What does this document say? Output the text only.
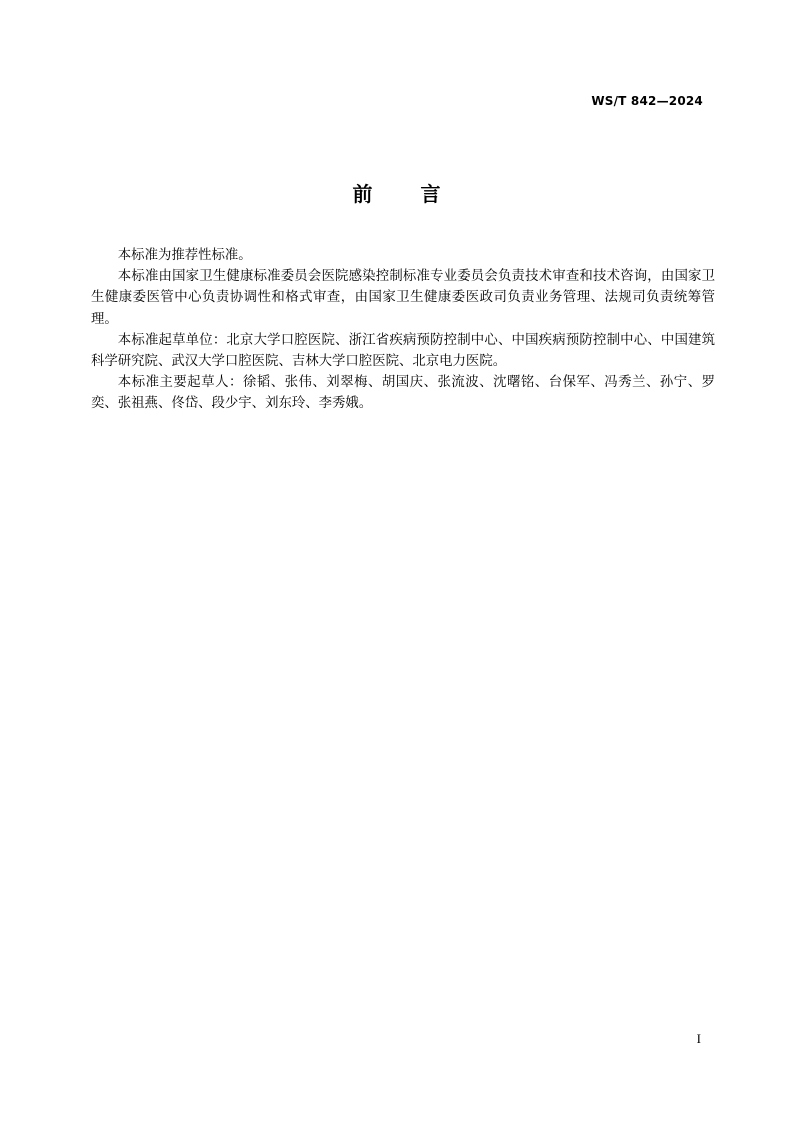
WS/T 842—2024
前 言

本标准为推荐性标准。

本标准由国家卫生健康标准委员会医院感染控制标准专业委员会负责技术审查和技术咨询，由国家卫生健康委医管中心负责协调性和格式审查，由国家卫生健康委医政司负责业务管理、法规司负责统筹管理。

本标准起草单位：北京大学口腔医院、浙江省疾病预防控制中心、中国疾病预防控制中心、中国建筑科学研究院、武汉大学口腔医院、吉林大学口腔医院、北京电力医院。

本标准主要起草人：徐韬、张伟、刘翠梅、胡国庆、张流波、沈曙铭、台保军、冯秀兰、孙宁、罗奕、张祖燕、佟岱、段少宇、刘东玲、李秀娥。

I
